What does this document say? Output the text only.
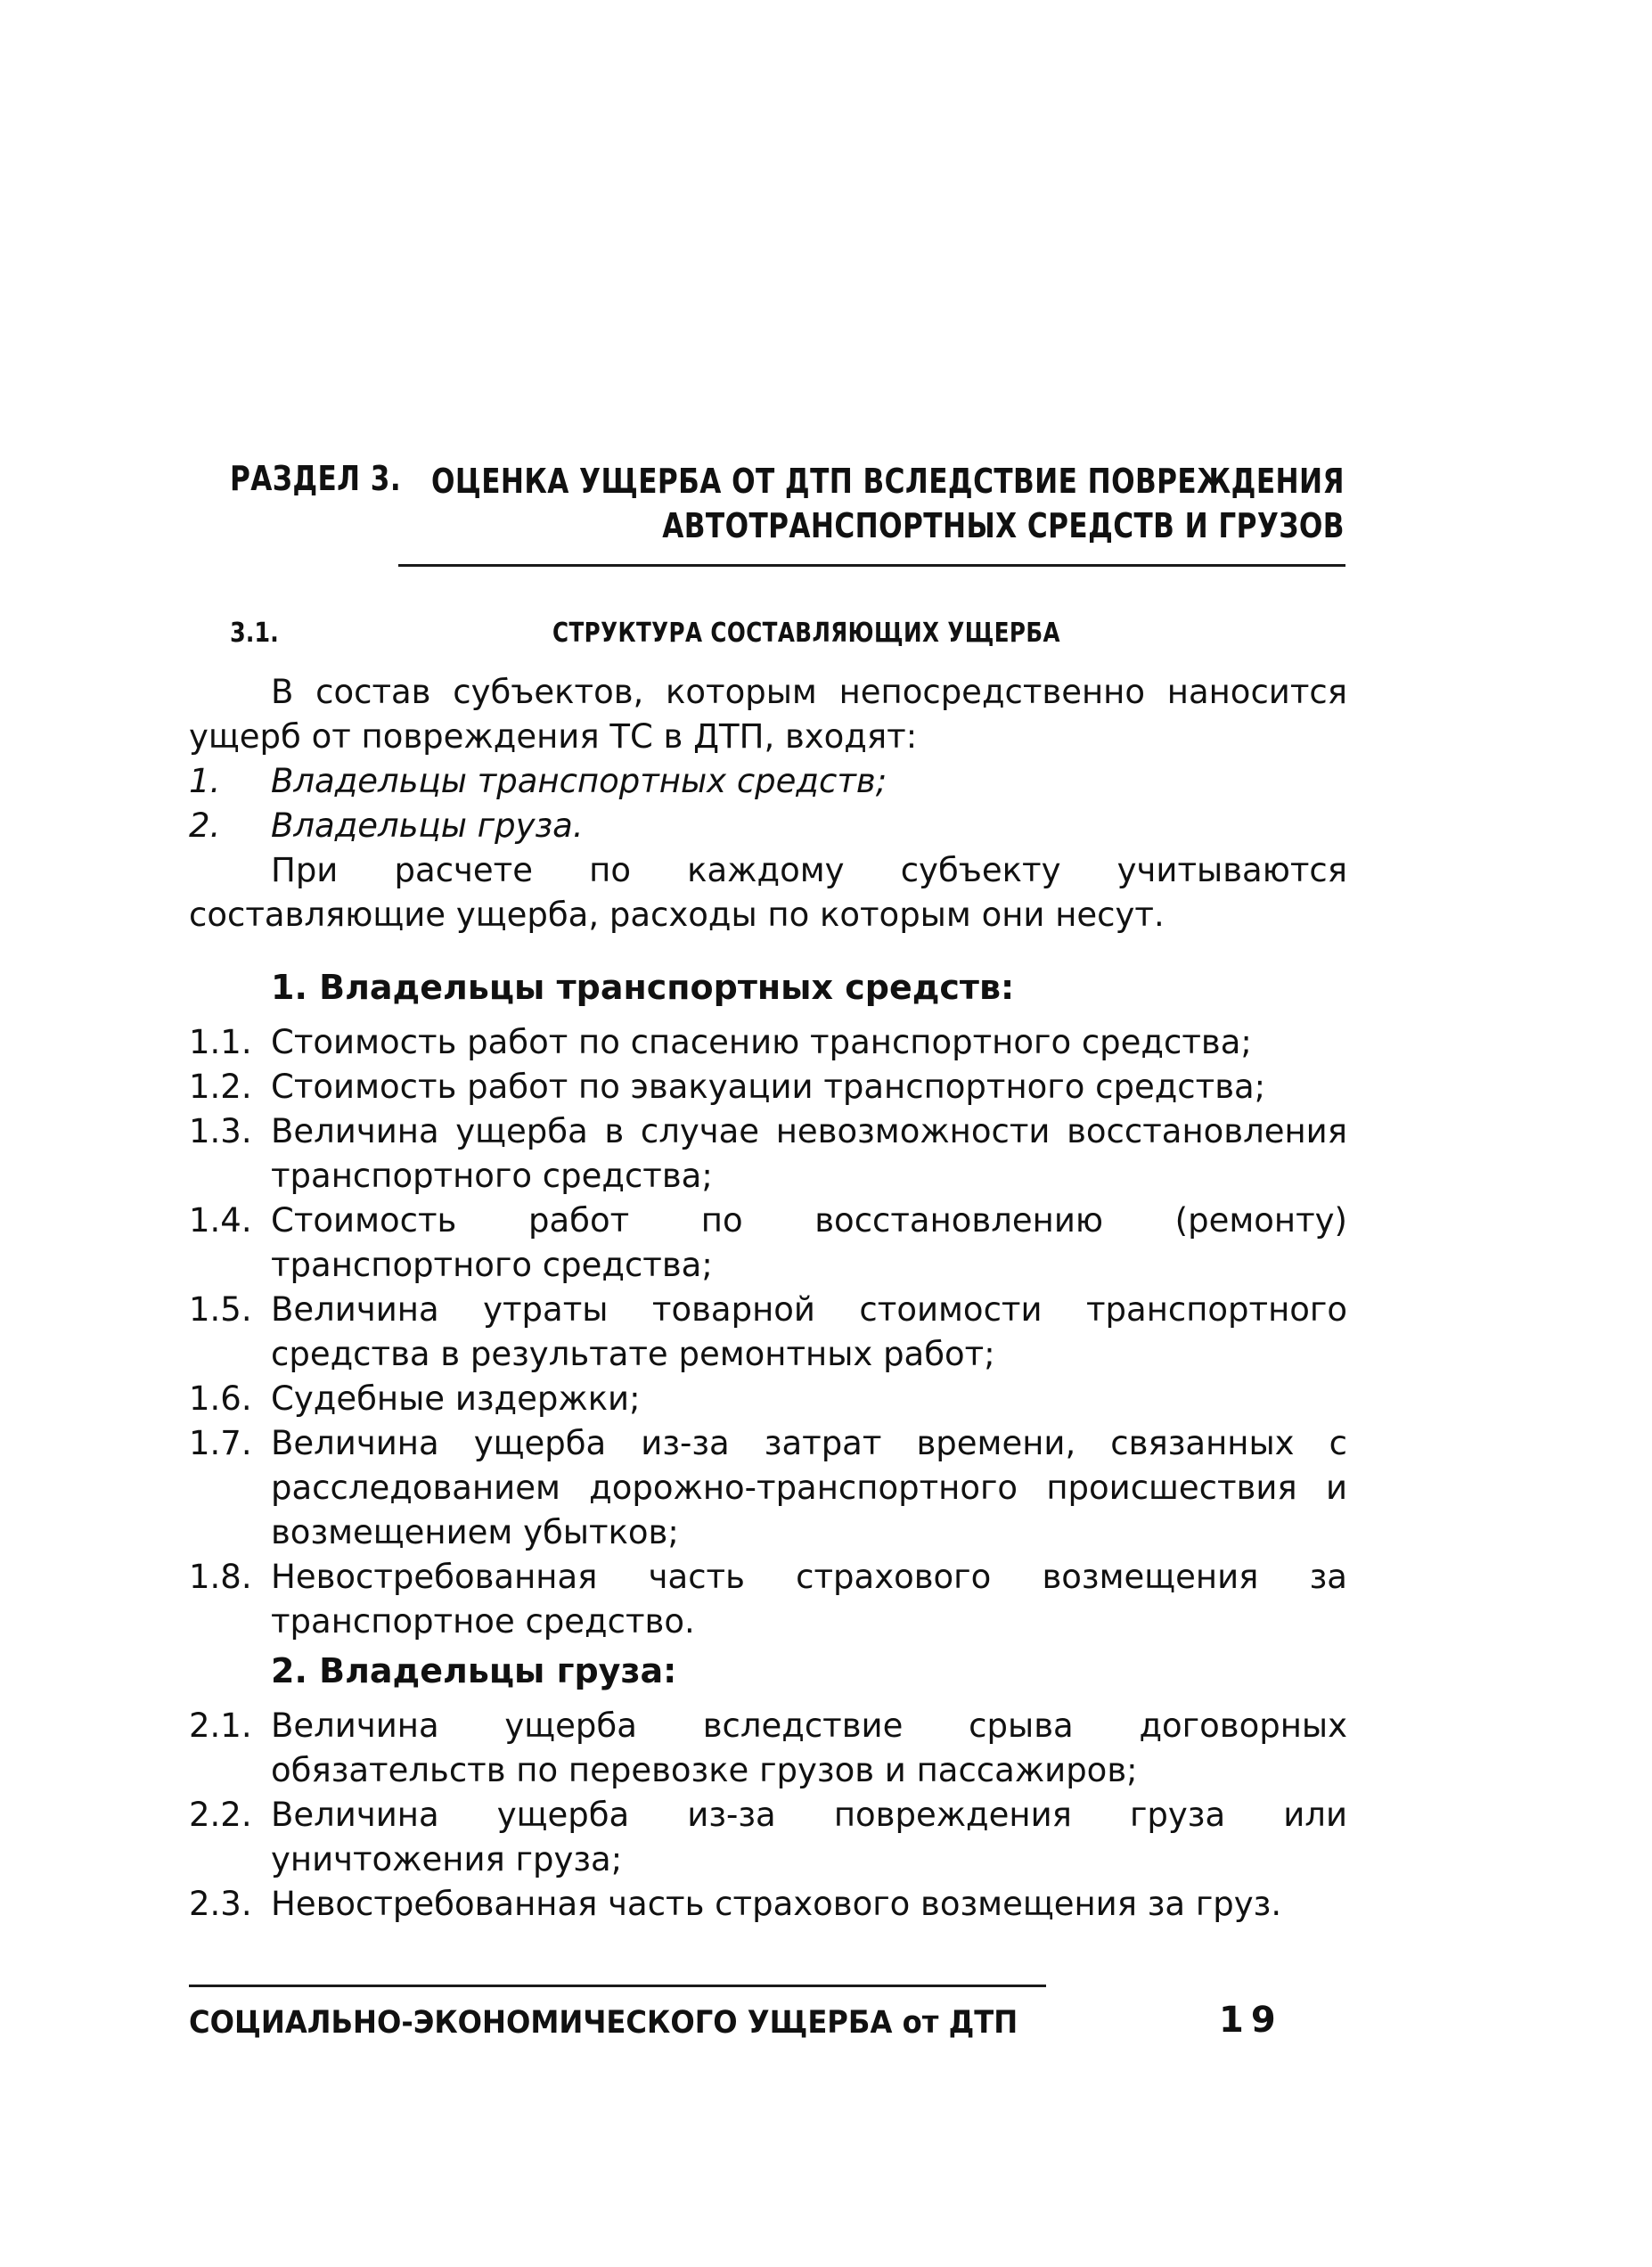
РАЗДЕЛ 3. ОЦЕНКА УЩЕРБА ОТ ДТП ВСЛЕДСТВИЕ ПОВРЕЖДЕНИЯ
АВТОТРАНСПОРТНЫХ СРЕДСТВ И ГРУЗОВ
3.1.	СТРУКТУРА СОСТАВЛЯЮЩИХ УЩЕРБА

В состав субъектов, которым непосредственно наносится ущерб от повреждения ТС в ДТП, входят:

1. Владельцы транспортных средств;
2. Владельцы груза.

При расчете по каждому субъекту учитываются составляющие ущерба, расходы по которым они несут.

1. Владельцы транспортных средств:
1.1. Стоимость работ по спасению транспортного средства;
1.2. Стоимость работ по эвакуации транспортного средства;
1.3. Величина ущерба в случае невозможности восстановления транспортного средства;
1.4. Стоимость работ по восстановлению (ремонту) транспортного средства;
1.5. Величина утраты товарной стоимости транспортного средства в результате ремонтных работ;
1.6. Судебные издержки;
1.7. Величина ущерба из-за затрат времени, связанных с расследованием дорожно-транспортного происшествия и возмещением убытков;
1.8. Невостребованная часть страхового возмещения за транспортное средство.
2. Владельцы груза:
2.1. Величина ущерба вследствие срыва договорных обязательств по перевозке грузов и пассажиров;
2.2. Величина ущерба из-за повреждения груза или уничтожения груза;
2.3. Невостребованная часть страхового возмещения за груз.
СОЦИАЛЬНО-ЭКОНОМИЧЕСКОГО УЩЕРБА от ДТП	19
